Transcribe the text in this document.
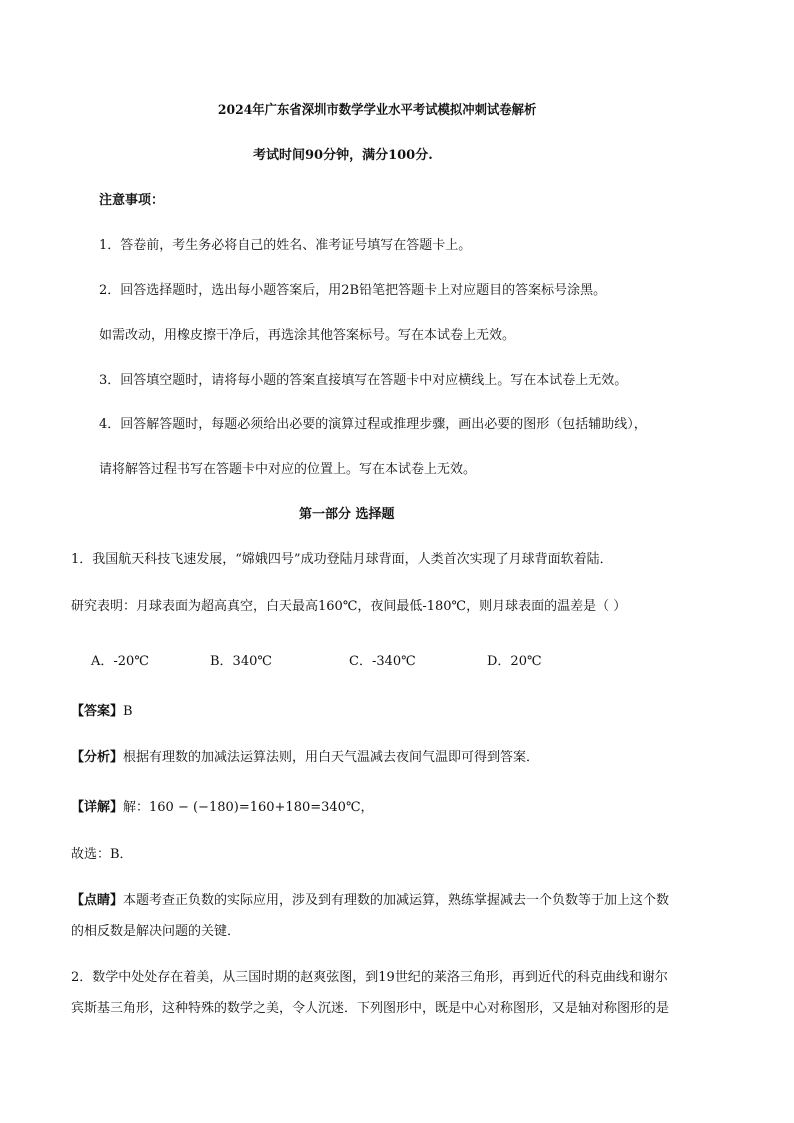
2024年广东省深圳市数学学业水平考试模拟冲刺试卷解析
考试时间90分钟，满分100分.
注意事项：
1．答卷前，考生务必将自己的姓名、准考证号填写在答题卡上。
2．回答选择题时，选出每小题答案后，用2B铅笔把答题卡上对应题目的答案标号涂黑。
如需改动，用橡皮擦干净后，再选涂其他答案标号。写在本试卷上无效。
3．回答填空题时，请将每小题的答案直接填写在答题卡中对应横线上。写在本试卷上无效。
4．回答解答题时，每题必须给出必要的演算过程或推理步骤，画出必要的图形（包括辅助线），
请将解答过程书写在答题卡中对应的位置上。写在本试卷上无效。
第一部分 选择题
1．我国航天科技飞速发展，“嫦娥四号”成功登陆月球背面，人类首次实现了月球背面软着陆．
研究表明：月球表面为超高真空，白天最高160℃，夜间最低-180℃，则月球表面的温差是（ ）
A．-20℃	B．340℃	C．-340℃	D．20℃
【答案】B
【分析】根据有理数的加减法运算法则，用白天气温减去夜间气温即可得到答案．
【详解】解：160 − (−180)=160+180=340℃，
故选：B．
【点睛】本题考查正负数的实际应用，涉及到有理数的加减运算，熟练掌握减去一个负数等于加上这个数
的相反数是解决问题的关键．
2．数学中处处存在着美，从三国时期的赵爽弦图，到19世纪的莱洛三角形，再到近代的科克曲线和谢尔
宾斯基三角形，这种特殊的数学之美，令人沉迷．下列图形中，既是中心对称图形，又是轴对称图形的是
